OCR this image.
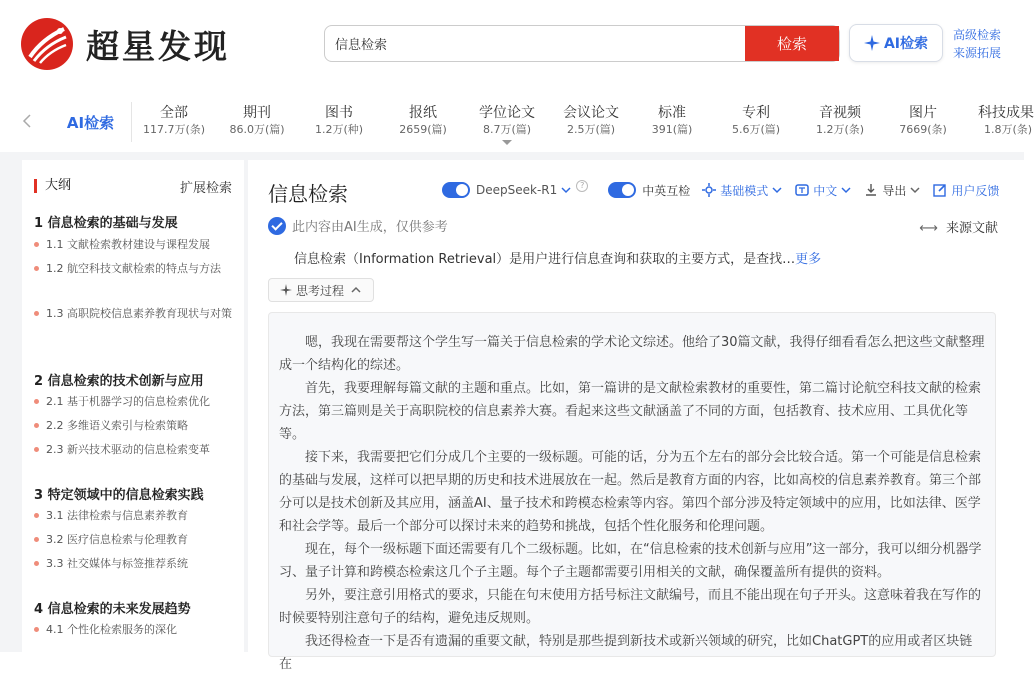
超星发现
信息检索	检索	AI检索
高级检索
来源拓展
AI检索
全部
117.7万(条)
期刊
86.0万(篇)
图书
1.2万(种)
报纸
2659(篇)
学位论文
8.7万(篇)
会议论文
2.5万(篇)
标准
391(篇)
专利
5.6万(篇)
音视频
1.2万(条)
图片
7669(条)
科技成果
1.8万(条)
大纲	扩展检索
1 信息检索的基础与发展
1.1 文献检索教材建设与课程发展
1.2 航空科技文献检索的特点与方法
1.3 高职院校信息素养教育现状与对策
2 信息检索的技术创新与应用
2.1 基于机器学习的信息检索优化
2.2 多维语义索引与检索策略
2.3 新兴技术驱动的信息检索变革
3 特定领域中的信息检索实践
3.1 法律检索与信息素养教育
3.2 医疗信息检索与伦理教育
3.3 社交媒体与标签推荐系统
4 信息检索的未来发展趋势
4.1 个性化检索服务的深化
信息检索	DeepSeek-R1	?	中英互检	基础模式	中文	导出	用户反馈
此内容由AI生成，仅供参考	⟷ 来源文献
信息检索（Information Retrieval）是用户进行信息查询和获取的主要方式，是查找…更多
思考过程

嗯，我现在需要帮这个学生写一篇关于信息检索的学术论文综述。他给了30篇文献，我得仔细看看怎么把这些文献整理成一个结构化的综述。

首先，我要理解每篇文献的主题和重点。比如，第一篇讲的是文献检索教材的重要性，第二篇讨论航空科技文献的检索方法，第三篇则是关于高职院校的信息素养大赛。看起来这些文献涵盖了不同的方面，包括教育、技术应用、工具优化等等。

接下来，我需要把它们分成几个主要的一级标题。可能的话，分为五个左右的部分会比较合适。第一个可能是信息检索的基础与发展，这样可以把早期的历史和技术进展放在一起。然后是教育方面的内容，比如高校的信息素养教育。第三个部分可以是技术创新及其应用，涵盖AI、量子技术和跨模态检索等内容。第四个部分涉及特定领域中的应用，比如法律、医学和社会学等。最后一个部分可以探讨未来的趋势和挑战，包括个性化服务和伦理问题。

现在，每个一级标题下面还需要有几个二级标题。比如，在“信息检索的技术创新与应用”这一部分，我可以细分机器学习、量子计算和跨模态检索这几个子主题。每个子主题都需要引用相关的文献，确保覆盖所有提供的资料。

另外，要注意引用格式的要求，只能在句末使用方括号标注文献编号，而且不能出现在句子开头。这意味着我在写作的时候要特别注意句子的结构，避免违反规则。

我还得检查一下是否有遗漏的重要文献，特别是那些提到新技术或新兴领域的研究，比如ChatGPT的应用或者区块链在
